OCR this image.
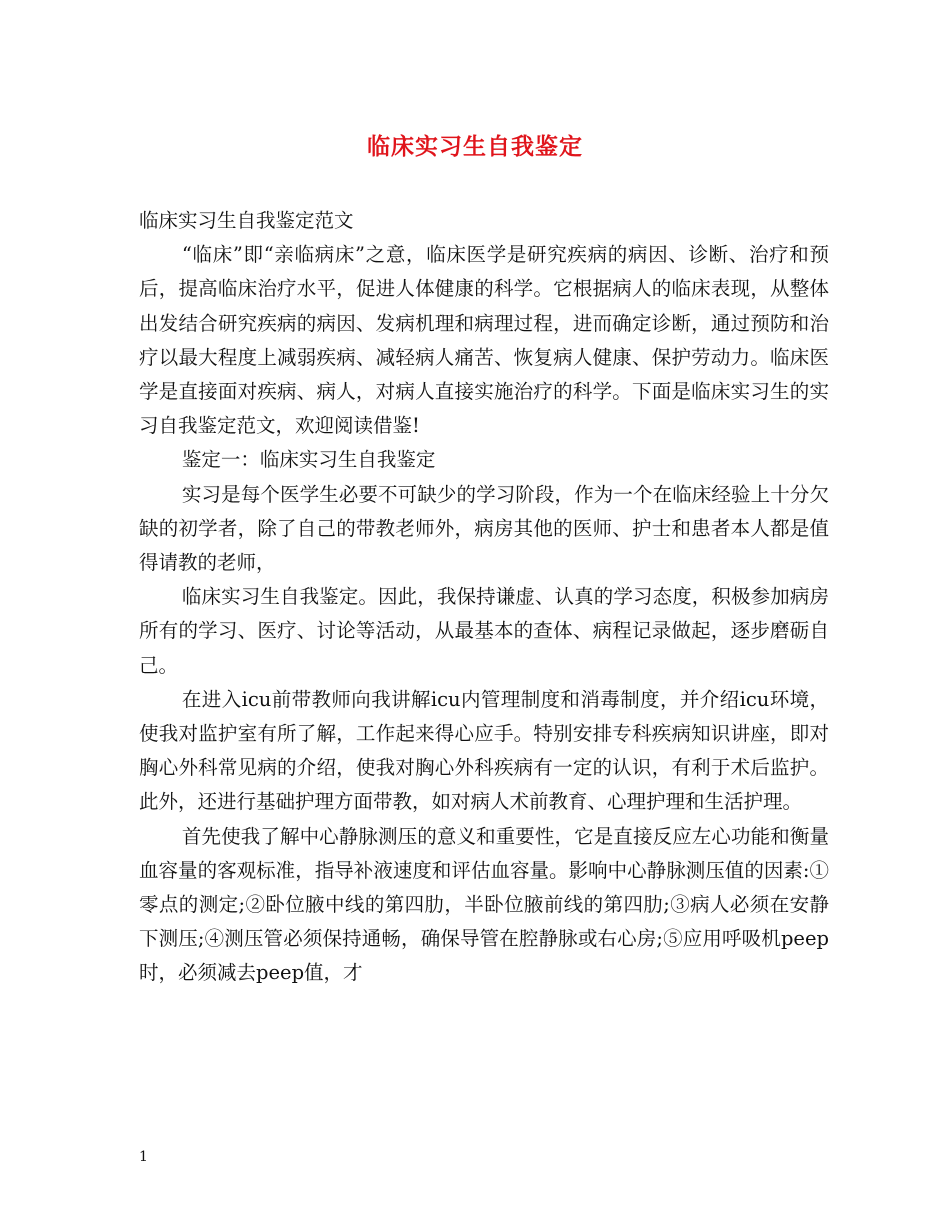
临床实习生自我鉴定

临床实习生自我鉴定范文

“临床”即“亲临病床”之意，临床医学是研究疾病的病因、诊断、治疗和预后，提高临床治疗水平，促进人体健康的科学。它根据病人的临床表现，从整体出发结合研究疾病的病因、发病机理和病理过程，进而确定诊断，通过预防和治疗以最大程度上减弱疾病、减轻病人痛苦、恢复病人健康、保护劳动力。临床医学是直接面对疾病、病人，对病人直接实施治疗的科学。下面是临床实习生的实习自我鉴定范文，欢迎阅读借鉴!

鉴定一：临床实习生自我鉴定

实习是每个医学生必要不可缺少的学习阶段，作为一个在临床经验上十分欠缺的初学者，除了自己的带教老师外，病房其他的医师、护士和患者本人都是值得请教的老师，

临床实习生自我鉴定。因此，我保持谦虚、认真的学习态度，积极参加病房所有的学习、医疗、讨论等活动，从最基本的查体、病程记录做起，逐步磨砺自己。

在进入icu前带教师向我讲解icu内管理制度和消毒制度，并介绍icu环境，使我对监护室有所了解，工作起来得心应手。特别安排专科疾病知识讲座，即对胸心外科常见病的介绍，使我对胸心外科疾病有一定的认识，有利于术后监护。此外，还进行基础护理方面带教，如对病人术前教育、心理护理和生活护理。

首先使我了解中心静脉测压的意义和重要性，它是直接反应左心功能和衡量血容量的客观标准，指导补液速度和评估血容量。影响中心静脉测压值的因素:①零点的测定;②卧位腋中线的第四肋，半卧位腋前线的第四肋;③病人必须在安静下测压;④测压管必须保持通畅，确保导管在腔静脉或右心房;⑤应用呼吸机peep 时，必须减去peep值，才

1
